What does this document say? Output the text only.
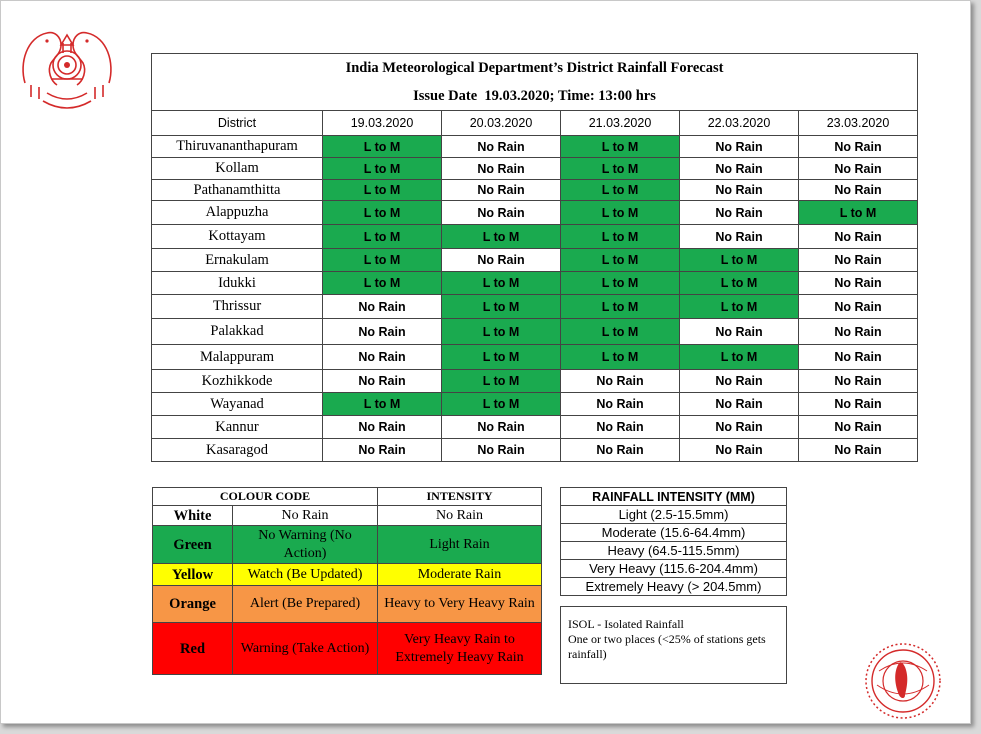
India Meteorological Department’s District Rainfall Forecast
Issue Date 19.03.2020; Time: 13:00 hrs					

District	19.03.2020	20.03.2020	21.03.2020	22.03.2020	23.03.2020
Thiruvananthapuram	L to M	No Rain	L to M	No Rain	No Rain
Kollam	L to M	No Rain	L to M	No Rain	No Rain
Pathanamthitta	L to M	No Rain	L to M	No Rain	No Rain
Alappuzha	L to M	No Rain	L to M	No Rain	L to M
Kottayam	L to M	L to M	L to M	No Rain	No Rain
Ernakulam	L to M	No Rain	L to M	L to M	No Rain
Idukki	L to M	L to M	L to M	L to M	No Rain
Thrissur	No Rain	L to M	L to M	L to M	No Rain
Palakkad	No Rain	L to M	L to M	No Rain	No Rain
Malappuram	No Rain	L to M	L to M	L to M	No Rain
Kozhikkode	No Rain	L to M	No Rain	No Rain	No Rain
Wayanad	L to M	L to M	No Rain	No Rain	No Rain
Kannur	No Rain	No Rain	No Rain	No Rain	No Rain
Kasaragod	No Rain	No Rain	No Rain	No Rain	No Rain
COLOUR CODE		INTENSITY
White	No Rain	No Rain
Green	No Warning (No Action)	Light Rain
Yellow	Watch (Be Updated)	Moderate Rain
Orange	Alert (Be Prepared)	Heavy to Very Heavy Rain
Red	Warning (Take Action)	Very Heavy Rain to Extremely Heavy Rain
RAINFALL INTENSITY (MM)
Light (2.5-15.5mm)
Moderate (15.6-64.4mm)
Heavy (64.5-115.5mm)
Very Heavy (115.6-204.4mm)
Extremely Heavy (> 204.5mm)
ISOL - Isolated Rainfall
One or two places (<25% of stations gets rainfall)
